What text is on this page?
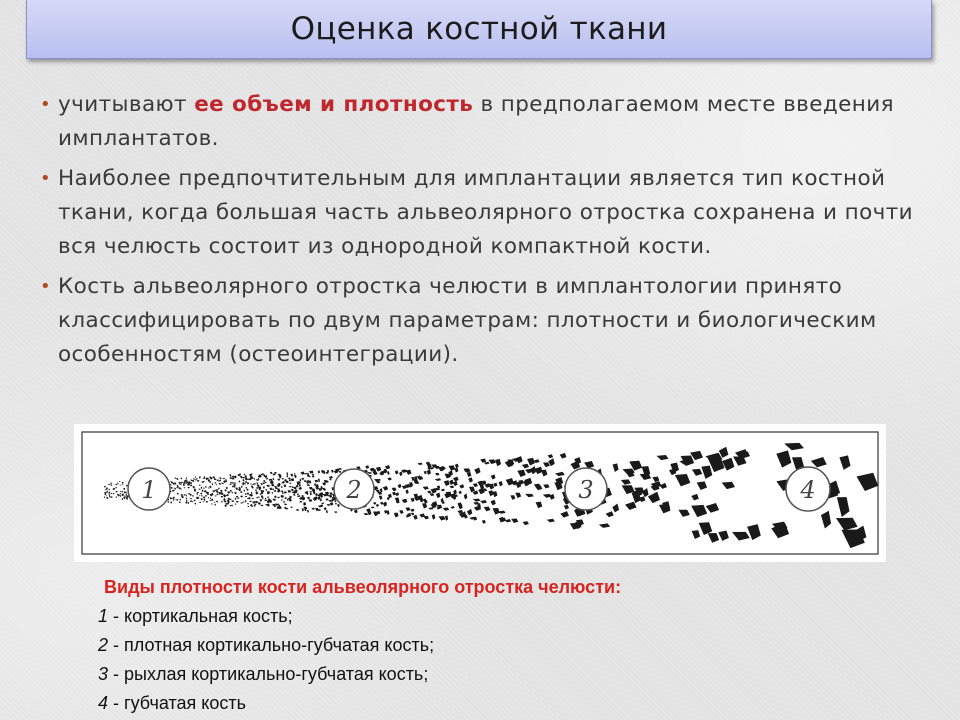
Оценка костной ткани
• учитывают ее объем и плотность в предполагаемом месте введения имплантатов.
• Наиболее предпочтительным для имплантации является тип костной ткани, когда большая часть альвеолярного отростка сохранена и почти вся челюсть состоит из однородной компактной кости.
• Кость альвеолярного отростка челюсти в имплантологии принято классифицировать по двум параметрам: плотности и биологическим особенностям (остеоинтеграции).
1	2	3	4
Виды плотности кости альвеолярного отростка челюсти:
1 - кортикальная кость;
2 - плотная кортикально-губчатая кость;
3 - рыхлая кортикально-губчатая кость;
4 - губчатая кость
